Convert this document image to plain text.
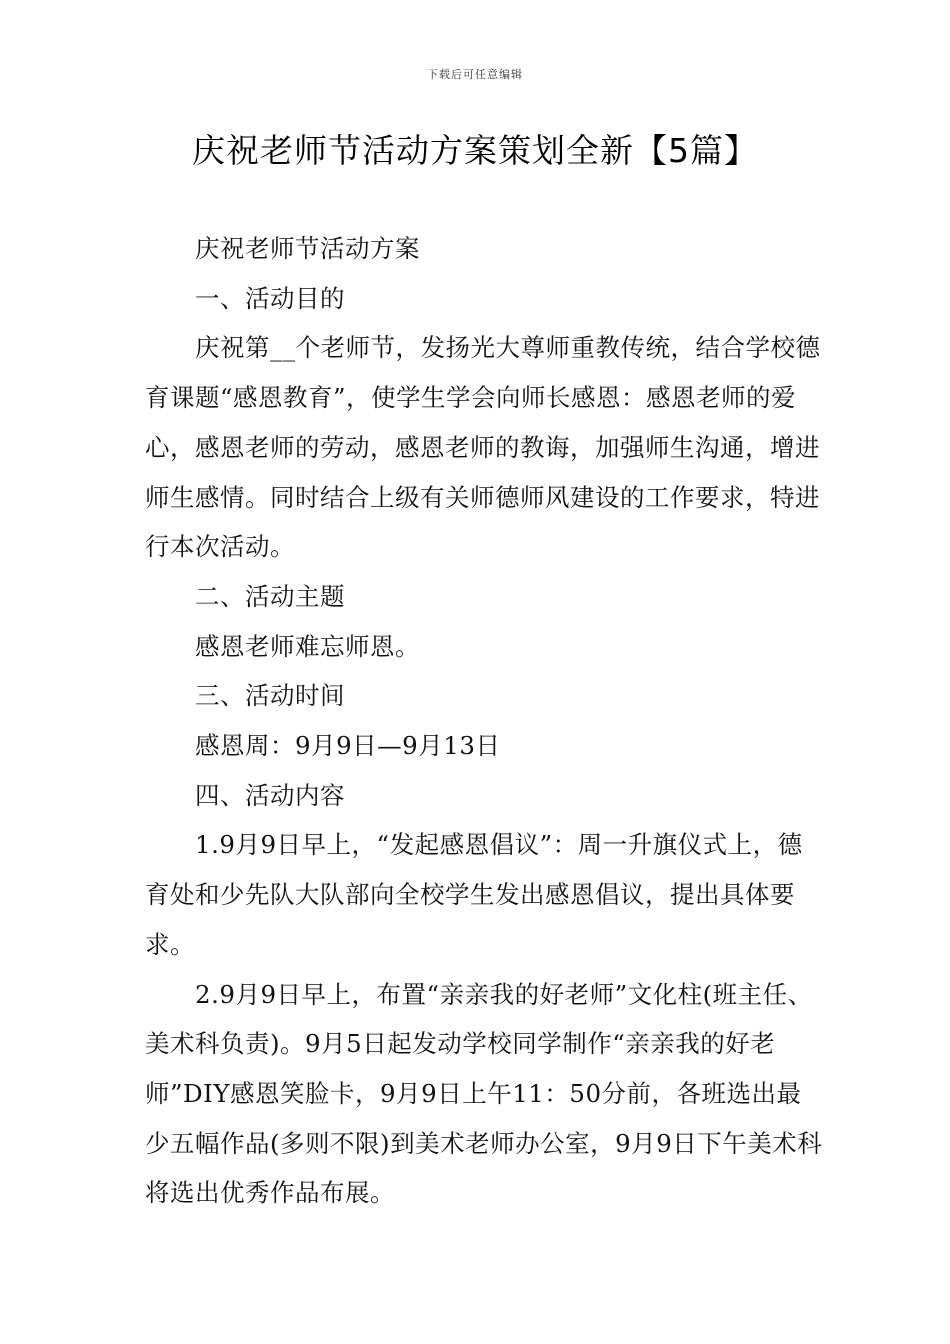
下载后可任意编辑
庆祝老师节活动方案策划全新【5篇】

庆祝老师节活动方案

一、活动目的

庆祝第__个老师节，发扬光大尊师重教传统，结合学校德育课题“感恩教育”，使学生学会向师长感恩：感恩老师的爱心，感恩老师的劳动，感恩老师的教诲，加强师生沟通，增进师生感情。同时结合上级有关师德师风建设的工作要求，特进行本次活动。

二、活动主题

感恩老师难忘师恩。

三、活动时间

感恩周：9月9日—9月13日

四、活动内容

1.9月9日早上，“发起感恩倡议”：周一升旗仪式上，德育处和少先队大队部向全校学生发出感恩倡议，提出具体要求。

2.9月9日早上，布置“亲亲我的好老师”文化柱(班主任、美术科负责)。9月5日起发动学校同学制作“亲亲我的好老师”DIY感恩笑脸卡，9月9日上午11：50分前，各班选出最少五幅作品(多则不限)到美术老师办公室，9月9日下午美术科将选出优秀作品布展。
